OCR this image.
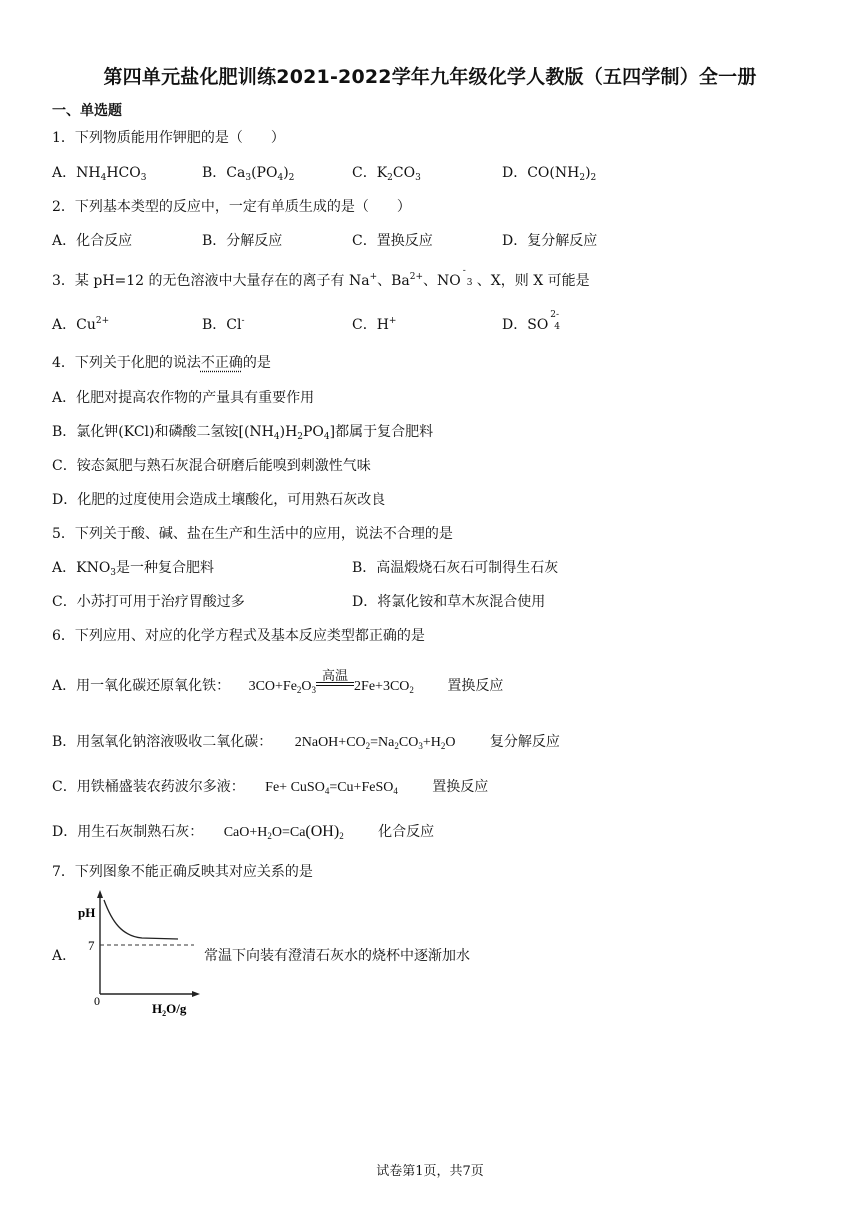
第四单元盐化肥训练2021-2022学年九年级化学人教版（五四学制）全一册
一、单选题
1．下列物质能用作钾肥的是（　　）
A．$NH_4HCO_3$	B．$Ca_3(PO_4)_2$	C．$K_2CO_3$	D．$CO(NH_2)_2$
2．下列基本类型的反应中，一定有单质生成的是（　　）
A．化合反应	B．分解反应	C．置换反应	D．复分解反应
3．某 pH=12 的无色溶液中大量存在的离子有 Na+、$Ba^{2+}$、NO
-
3 、X，则 X 可能是
A．$Cu^{2+}$	B．Cl-	C．H+	D．SO
2-
4
4．下列关于化肥的说法不正确的是
A．化肥对提高农作物的产量具有重要作用
B．氯化钾(KCl)和磷酸二氢铵$[(NH_4)H_2PO_4]$都属于复合肥料
C．铵态氮肥与熟石灰混合研磨后能嗅到刺激性气味
D．化肥的过度使用会造成土壤酸化，可用熟石灰改良
5．下列关于酸、碱、盐在生产和生活中的应用，说法不合理的是
A．$KNO_3$是一种复合肥料	B．高温煅烧石灰石可制得生石灰
C．小苏打可用于治疗胃酸过多	D．将氯化铵和草木灰混合使用
6．下列应用、对应的化学方程式及基本反应类型都正确的是
A．用一氧化碳还原氧化铁： $3CO+Fe_2O_3$
高温
$2Fe+3CO_2$ 置换反应
B．用氢氧化钠溶液吸收二氧化碳： $2NaOH+CO_2=Na_2CO_3+H_2O$ 复分解反应
C．用铁桶盛装农药波尔多液： Fe+ CuSO$_4$=Cu+FeSO$_4$ 置换反应
D．用生石灰制熟石灰： $CaO+H_2O=Ca(OH)_2$ 化合反应
7．下列图象不能正确反映其对应关系的是
A．
pH
7
0	$H_2O/g$
常温下向装有澄清石灰水的烧杯中逐渐加水
试卷第1页，共7页
